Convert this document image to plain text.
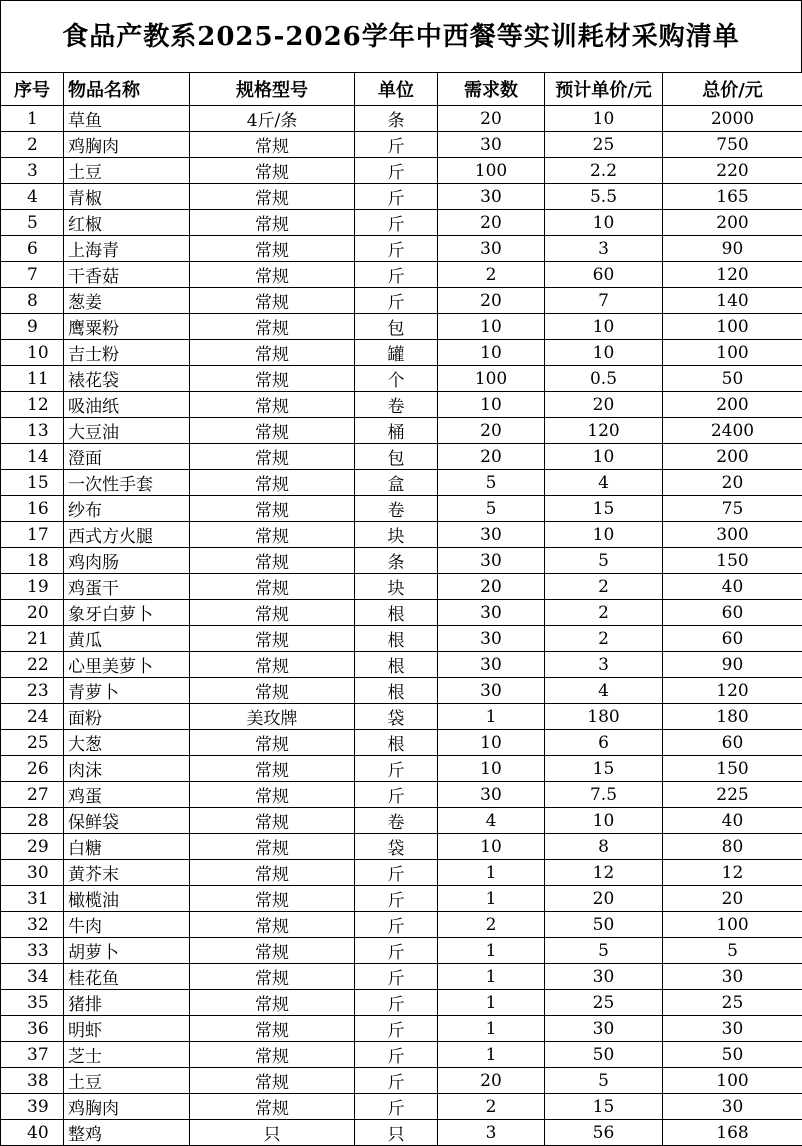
食品产教系2025-2026学年中西餐等实训耗材采购清单
序号	物品名称	规格型号	单位	需求数	预计单价/元	总价/元
1	草鱼	4斤/条	条	20	10	2000
2	鸡胸肉	常规	斤	30	25	750
3	土豆	常规	斤	100	2.2	220
4	青椒	常规	斤	30	5.5	165
5	红椒	常规	斤	20	10	200
6	上海青	常规	斤	30	3	90
7	干香菇	常规	斤	2	60	120
8	葱姜	常规	斤	20	7	140
9	鹰粟粉	常规	包	10	10	100
10	吉士粉	常规	罐	10	10	100
11	裱花袋	常规	个	100	0.5	50
12	吸油纸	常规	卷	10	20	200
13	大豆油	常规	桶	20	120	2400
14	澄面	常规	包	20	10	200
15	一次性手套	常规	盒	5	4	20
16	纱布	常规	卷	5	15	75
17	西式方火腿	常规	块	30	10	300
18	鸡肉肠	常规	条	30	5	150
19	鸡蛋干	常规	块	20	2	40
20	象牙白萝卜	常规	根	30	2	60
21	黄瓜	常规	根	30	2	60
22	心里美萝卜	常规	根	30	3	90
23	青萝卜	常规	根	30	4	120
24	面粉	美玫牌	袋	1	180	180
25	大葱	常规	根	10	6	60
26	肉沫	常规	斤	10	15	150
27	鸡蛋	常规	斤	30	7.5	225
28	保鲜袋	常规	卷	4	10	40
29	白糖	常规	袋	10	8	80
30	黄芥末	常规	斤	1	12	12
31	橄榄油	常规	斤	1	20	20
32	牛肉	常规	斤	2	50	100
33	胡萝卜	常规	斤	1	5	5
34	桂花鱼	常规	斤	1	30	30
35	猪排	常规	斤	1	25	25
36	明虾	常规	斤	1	30	30
37	芝士	常规	斤	1	50	50
38	土豆	常规	斤	20	5	100
39	鸡胸肉	常规	斤	2	15	30
40	整鸡	只	只	3	56	168
